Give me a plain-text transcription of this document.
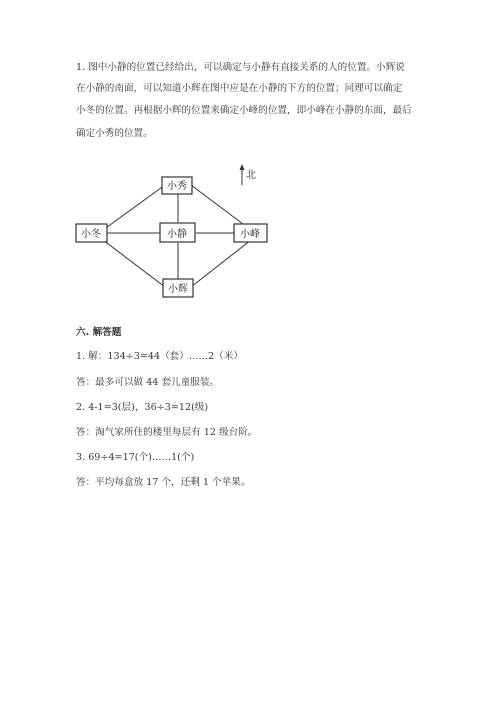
1. 图中小静的位置已经给出，可以确定与小静有直接关系的人的位置。小辉说
在小静的南面，可以知道小辉在图中应是在小静的下方的位置；同理可以确定
小冬的位置。再根据小辉的位置来确定小峰的位置，即小峰在小静的东面，最后
确定小秀的位置。
小秀
小冬	小静	小峰
小辉
北
六. 解答题
1. 解：134÷3=44（套）……2（米）
答：最多可以做 44 套儿童服装。
2. 4-1=3(层)，36÷3=12(级)
答：淘气家所住的楼里每层有 12 级台阶。
3. 69÷4=17(个)……1(个)
答：平均每盒放 17 个，还剩 1 个苹果。
